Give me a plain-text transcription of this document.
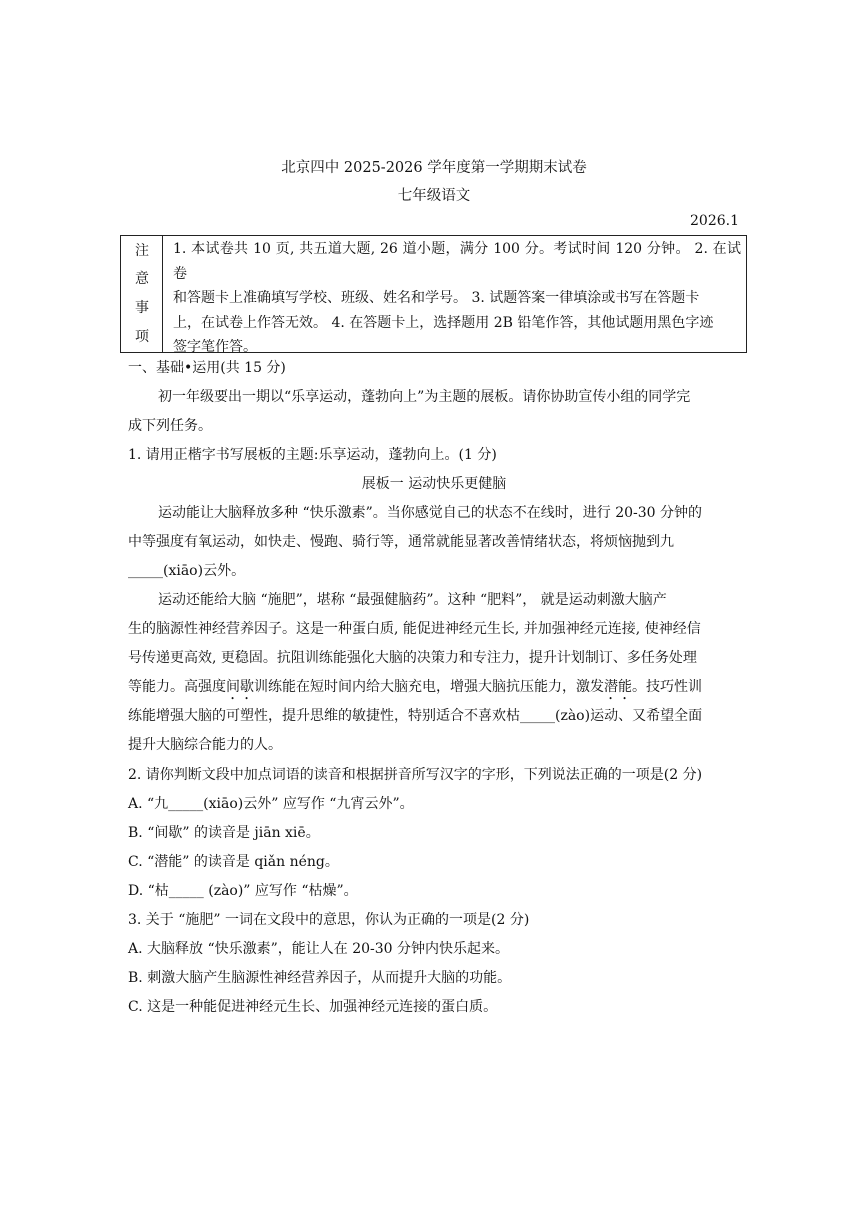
北京四中 2025-2026 学年度第一学期期末试卷
七年级语文
2026.1
注
意
事
项
1. 本试卷共 10 页, 共五道大题, 26 道小题，满分 100 分。考试时间 120 分钟。 2. 在试卷
和答题卡上准确填写学校、班级、姓名和学号。 3. 试题答案一律填涂或书写在答题卡
上，在试卷上作答无效。 4. 在答题卡上，选择题用 2B 铅笔作答，其他试题用黑色字迹
签字笔作答。
一、基础•运用(共 15 分)
初一年级要出一期以“乐享运动，蓬勃向上”为主题的展板。请你协助宣传小组的同学完
成下列任务。
1. 请用正楷字书写展板的主题:乐享运动，蓬勃向上。(1 分)
展板一 运动快乐更健脑
运动能让大脑释放多种 “快乐激素”。当你感觉自己的状态不在线时，进行 20-30 分钟的
中等强度有氧运动，如快走、慢跑、骑行等，通常就能显著改善情绪状态，将烦恼抛到九
_____(xiāo)云外。
运动还能给大脑 “施肥”，堪称 “最强健脑药”。这种 “肥料”， 就是运动刺激大脑产
生的脑源性神经营养因子。这是一种蛋白质, 能促进神经元生长, 并加强神经元连接, 使神经信
号传递更高效, 更稳固。抗阻训练能强化大脑的决策力和专注力，提升计划制订、多任务处理
等能力。高强度间歇训练能在短时间内给大脑充电，增强大脑抗压能力，激发潜能。技巧性训
练能增强大脑的可塑性，提升思维的敏捷性，特别适合不喜欢枯_____(zào)运动、又希望全面
提升大脑综合能力的人。
2. 请你判断文段中加点词语的读音和根据拼音所写汉字的字形，下列说法正确的一项是(2 分)
A. “九_____(xiāo)云外” 应写作 “九宵云外”。
B. “间歇” 的读音是 jiān xiē。
C. “潜能” 的读音是 qiǎn néng。
D. “枯_____ (zào)” 应写作 “枯燥”。
3. 关于 “施肥” 一词在文段中的意思，你认为正确的一项是(2 分)
A. 大脑释放 “快乐激素”，能让人在 20-30 分钟内快乐起来。
B. 刺激大脑产生脑源性神经营养因子，从而提升大脑的功能。
C. 这是一种能促进神经元生长、加强神经元连接的蛋白质。
